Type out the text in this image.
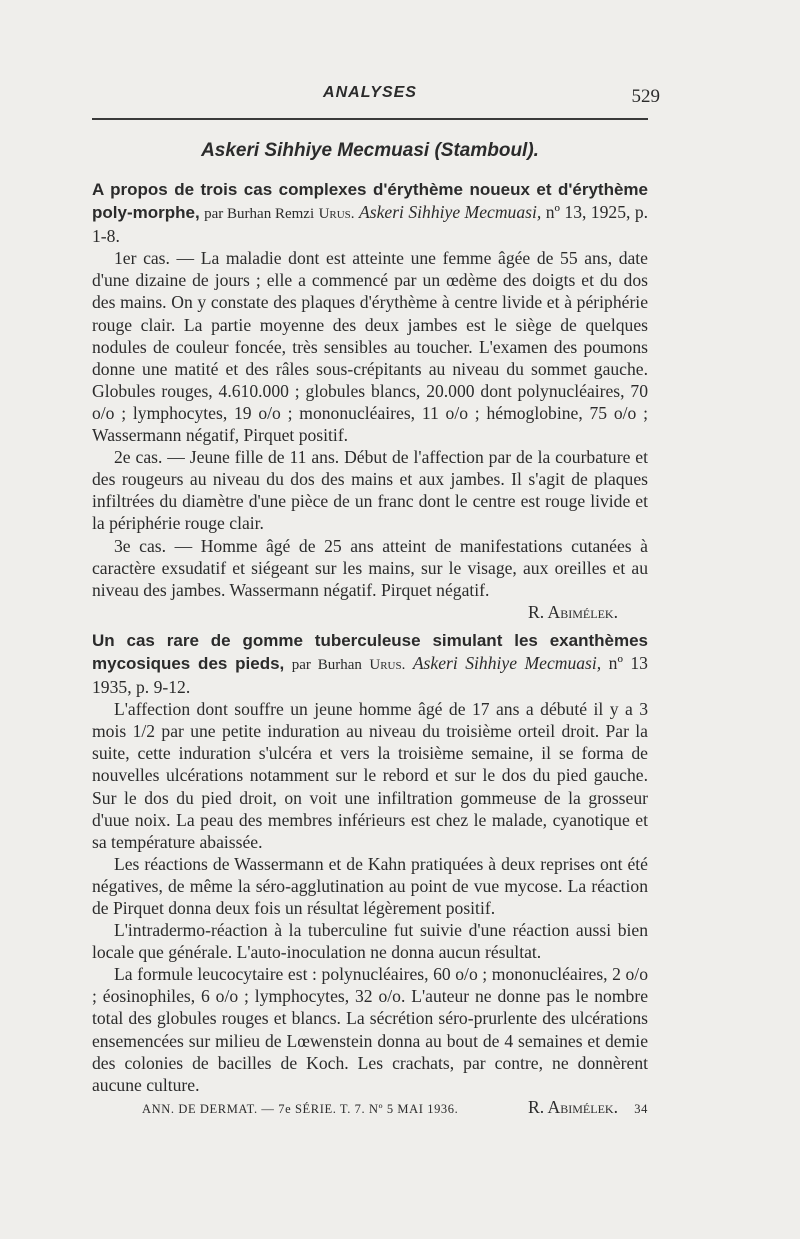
ANALYSES	529
Askeri Sihhiye Mecmuasi (Stamboul).

A propos de trois cas complexes d'érythème noueux et d'érythème poly-morphe, par Burhan Remzi Urus. Askeri Sihhiye Mecmuasi, nº 13, 1925, p. 1-8.

1er cas. — La maladie dont est atteinte une femme âgée de 55 ans, date d'une dizaine de jours ; elle a commencé par un œdème des doigts et du dos des mains. On y constate des plaques d'érythème à centre livide et à périphérie rouge clair. La partie moyenne des deux jambes est le siège de quelques nodules de couleur foncée, très sensibles au toucher. L'examen des poumons donne une matité et des râles sous-crépitants au niveau du sommet gauche. Globules rouges, 4.610.000 ; globules blancs, 20.000 dont polynucléaires, 70 o/o ; lymphocytes, 19 o/o ; mononucléaires, 11 o/o ; hémoglobine, 75 o/o ; Wassermann négatif, Pirquet positif.

2e cas. — Jeune fille de 11 ans. Début de l'affection par de la courbature et des rougeurs au niveau du dos des mains et aux jambes. Il s'agit de plaques infiltrées du diamètre d'une pièce de un franc dont le centre est rouge livide et la périphérie rouge clair.

3e cas. — Homme âgé de 25 ans atteint de manifestations cutanées à caractère exsudatif et siégeant sur les mains, sur le visage, aux oreilles et au niveau des jambes. Wassermann négatif. Pirquet négatif.

R. Abimélek.

Un cas rare de gomme tuberculeuse simulant les exanthèmes mycosiques des pieds, par Burhan Urus. Askeri Sihhiye Mecmuasi, nº 13 1935, p. 9-12.

L'affection dont souffre un jeune homme âgé de 17 ans a débuté il y a 3 mois 1/2 par une petite induration au niveau du troisième orteil droit. Par la suite, cette induration s'ulcéra et vers la troisième semaine, il se forma de nouvelles ulcérations notamment sur le rebord et sur le dos du pied gauche. Sur le dos du pied droit, on voit une infiltration gommeuse de la grosseur d'uue noix. La peau des membres inférieurs est chez le malade, cyanotique et sa température abaissée.

Les réactions de Wassermann et de Kahn pratiquées à deux reprises ont été négatives, de même la séro-agglutination au point de vue mycose. La réaction de Pirquet donna deux fois un résultat légèrement positif.

L'intradermo-réaction à la tuberculine fut suivie d'une réaction aussi bien locale que générale. L'auto-inoculation ne donna aucun résultat.

La formule leucocytaire est : polynucléaires, 60 o/o ; mononucléaires, 2 o/o ; éosinophiles, 6 o/o ; lymphocytes, 32 o/o. L'auteur ne donne pas le nombre total des globules rouges et blancs. La sécrétion séro-prurlente des ulcérations ensemencées sur milieu de Lœwenstein donna au bout de 4 semaines et demie des colonies de bacilles de Koch. Les crachats, par contre, ne donnèrent aucune culture.

R. Abimélek.

ANN. DE DERMAT. — 7e SÉRIE. T. 7. Nº 5 MAI 1936.	34
